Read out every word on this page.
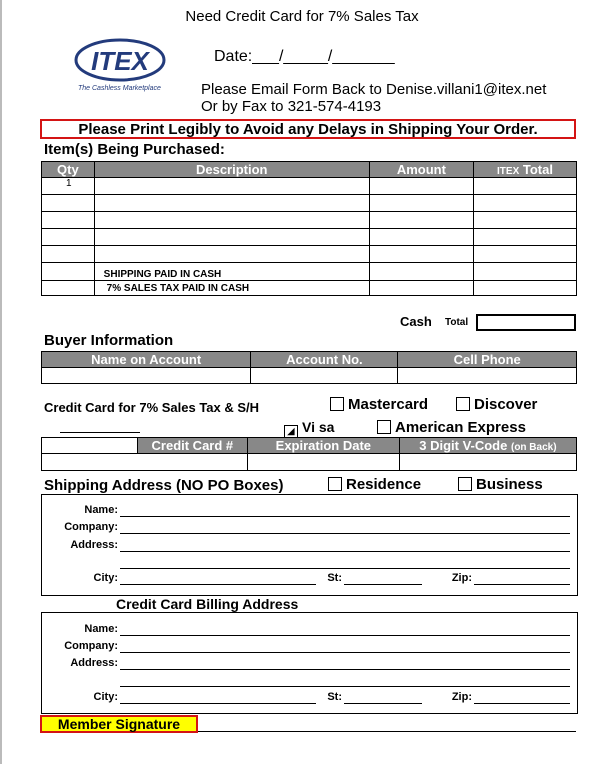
Need Credit Card for 7% Sales Tax
ITEX
The Cashless Marketplace
Date:___/_____/_______
Please Email Form Back to Denise.villani1@itex.net
Or by Fax to 321-574-4193
Please Print Legibly to Avoid any Delays in Shipping Your Order.
Item(s) Being Purchased:
Qty	Description	Amount	ITEX Total
1			

	SHIPPING PAID IN CASH		
	7% SALES TAX PAID IN CASH		
Cash Total
Buyer Information
Name on Account	Account No.	Cell Phone

Credit Card for 7% Sales Tax & S/H	Mastercard	Discover
◢ Vi sa	American Express
	Credit Card #	Expiration Date	3 Digit V-Code (on Back)

Shipping Address (NO PO Boxes)	Residence	Business
Name:
Company:
Address:
City:	St:	Zip:
Credit Card Billing Address
Name:
Company:
Address:
City:	St:	Zip:
Member Signature
